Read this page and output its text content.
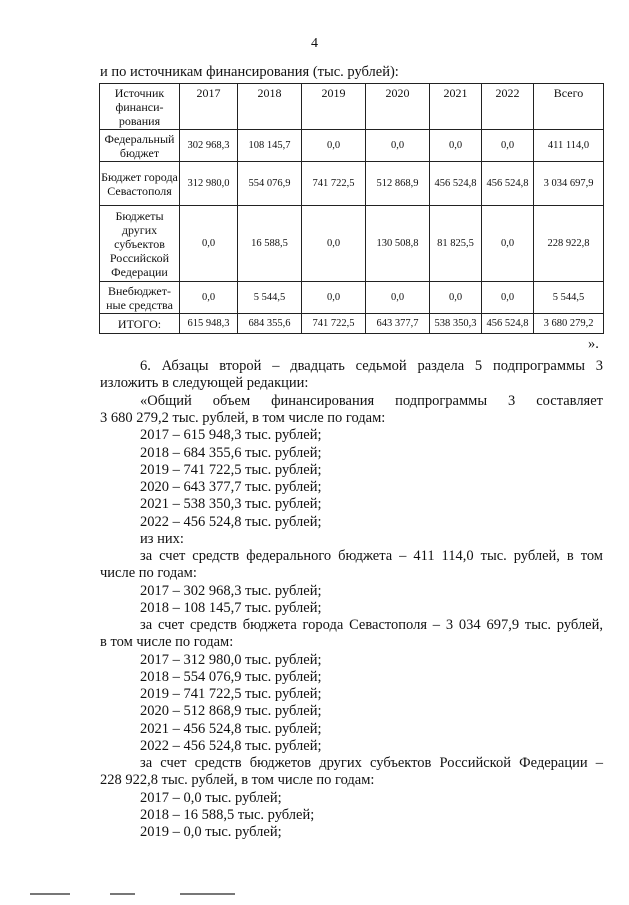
4
и по источникам финансирования (тыс. рублей):
Источник финанси-рования	2017	2018	2019	2020	2021	2022	Всего
Федеральный бюджет	302 968,3	108 145,7	0,0	0,0	0,0	0,0	411 114,0
Бюджет города Севастополя	312 980,0	554 076,9	741 722,5	512 868,9	456 524,8	456 524,8	3 034 697,9
Бюджеты других субъектов Российской Федерации	0,0	16 588,5	0,0	130 508,8	81 825,5	0,0	228 922,8
Внебюджет-ные средства	0,0	5 544,5	0,0	0,0	0,0	0,0	5 544,5
ИТОГО:	615 948,3	684 355,6	741 722,5	643 377,7	538 350,3	456 524,8	3 680 279,2
».
6. Абзацы второй – двадцать седьмой раздела 5 подпрограммы 3
изложить в следующей редакции:
«Общий объем финансирования подпрограммы 3 составляет
3 680 279,2 тыс. рублей, в том числе по годам:
2017 – 615 948,3 тыс. рублей;
2018 – 684 355,6 тыс. рублей;
2019 – 741 722,5 тыс. рублей;
2020 – 643 377,7 тыс. рублей;
2021 – 538 350,3 тыс. рублей;
2022 – 456 524,8 тыс. рублей;
из них:
за счет средств федерального бюджета – 411 114,0 тыс. рублей, в том
числе по годам:
2017 – 302 968,3 тыс. рублей;
2018 – 108 145,7 тыс. рублей;
за счет средств бюджета города Севастополя – 3 034 697,9 тыс. рублей,
в том числе по годам:
2017 – 312 980,0 тыс. рублей;
2018 – 554 076,9 тыс. рублей;
2019 – 741 722,5 тыс. рублей;
2020 – 512 868,9 тыс. рублей;
2021 – 456 524,8 тыс. рублей;
2022 – 456 524,8 тыс. рублей;
за счет средств бюджетов других субъектов Российской Федерации –
228 922,8 тыс. рублей, в том числе по годам:
2017 – 0,0 тыс. рублей;
2018 – 16 588,5 тыс. рублей;
2019 – 0,0 тыс. рублей;
